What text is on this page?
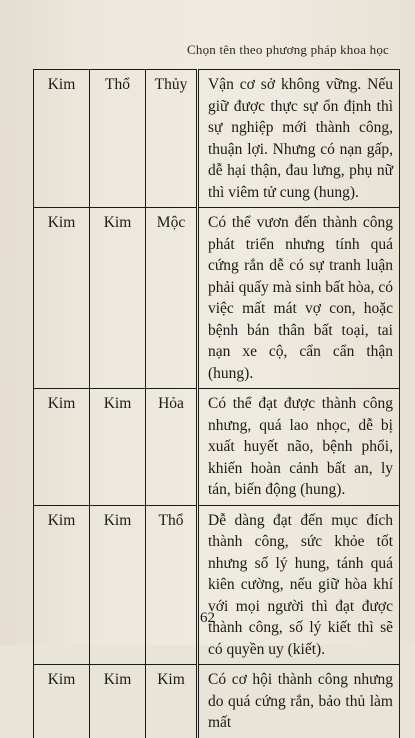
Chọn tên theo phương pháp khoa học
Kim	Thổ	Thủy	Vận cơ sở không vững. Nếu giữ được thực sự ổn định thì sự nghiệp mới thành công, thuận lợi. Nhưng có nạn gấp, dễ hại thận, đau lưng, phụ nữ thì viêm tử cung (hung).
Kim	Kim	Mộc	Có thể vươn đến thành công phát triển nhưng tính quá cứng rắn dễ có sự tranh luận phải quấy mà sinh bất hòa, có việc mất mát vợ con, hoặc bệnh bán thân bất toại, tai nạn xe cộ, cẩn cẩn thận (hung).
Kim	Kim	Hỏa	Có thể đạt được thành công nhưng, quá lao nhọc, dễ bị xuất huyết não, bệnh phổi, khiến hoàn cảnh bất an, ly tán, biến động (hung).
Kim	Kim	Thổ	Dễ dàng đạt đến mục đích thành công, sức khỏe tốt nhưng số lý hung, tánh quá kiên cường, nếu giữ hòa khí với mọi người thì đạt được thành công, số lý kiết thì sẽ có quyền uy (kiết).
Kim	Kim	Kim	Có cơ hội thành công nhưng do quá cứng rắn, bảo thủ làm mất
62
